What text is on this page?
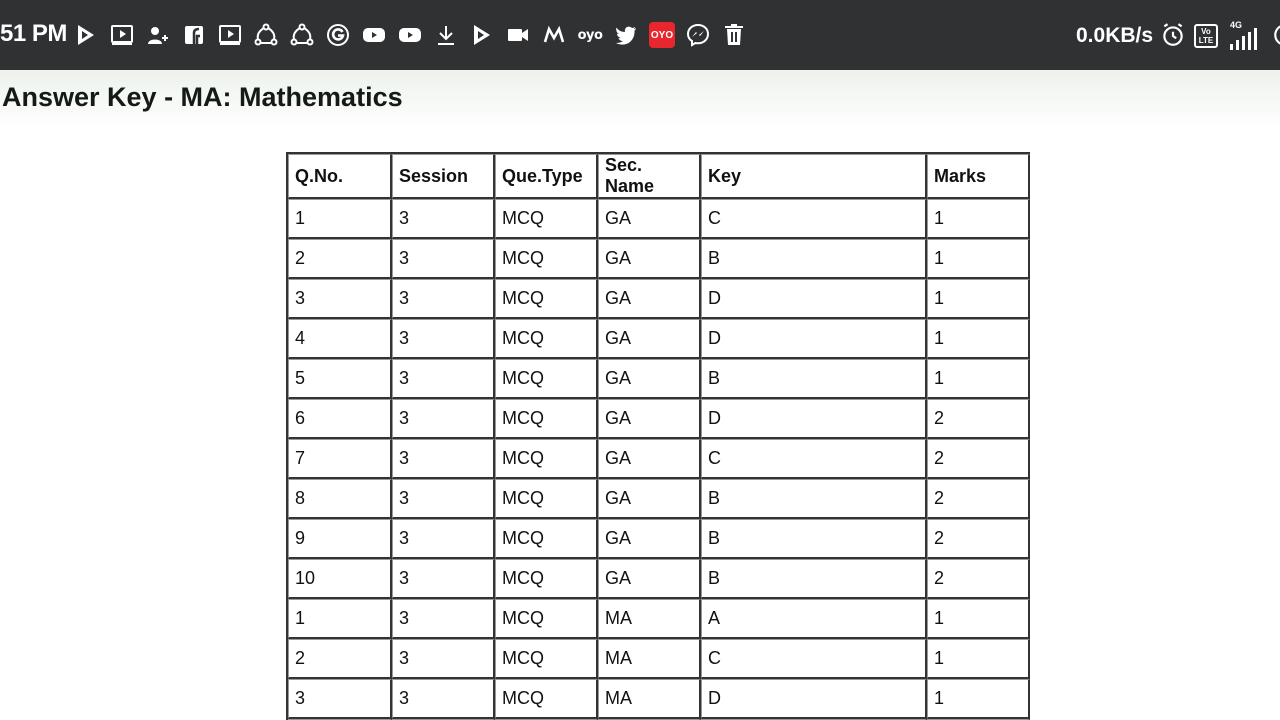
51 PM	oyo	OYO	0.0KB/s	Vo LTE
4G
Answer Key - MA: Mathematics
Q.No.	Session	Que.Type	Sec. Name	Key	Marks
1	3	MCQ	GA	C	1
2	3	MCQ	GA	B	1
3	3	MCQ	GA	D	1
4	3	MCQ	GA	D	1
5	3	MCQ	GA	B	1
6	3	MCQ	GA	D	2
7	3	MCQ	GA	C	2
8	3	MCQ	GA	B	2
9	3	MCQ	GA	B	2
10	3	MCQ	GA	B	2
1	3	MCQ	MA	A	1
2	3	MCQ	MA	C	1
3	3	MCQ	MA	D	1
